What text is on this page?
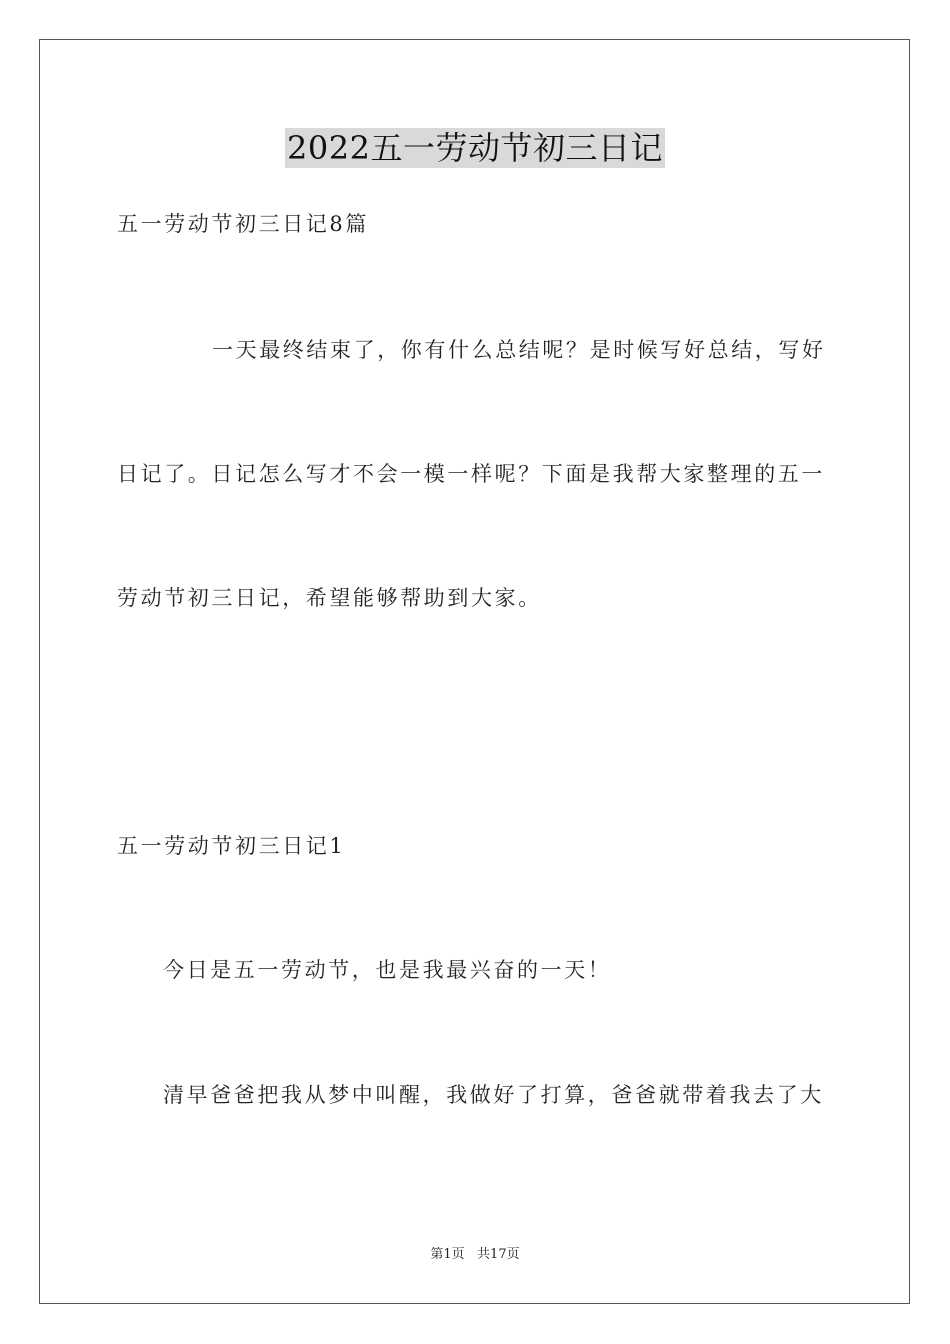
2022五一劳动节初三日记
五一劳动节初三日记8篇
一天最终结束了，你有什么总结呢？是时候写好总结，写好
日记了。日记怎么写才不会一模一样呢？下面是我帮大家整理的五一
劳动节初三日记，希望能够帮助到大家。
五一劳动节初三日记1
今日是五一劳动节，也是我最兴奋的一天！
清早爸爸把我从梦中叫醒，我做好了打算，爸爸就带着我去了大
第1页   共17页
